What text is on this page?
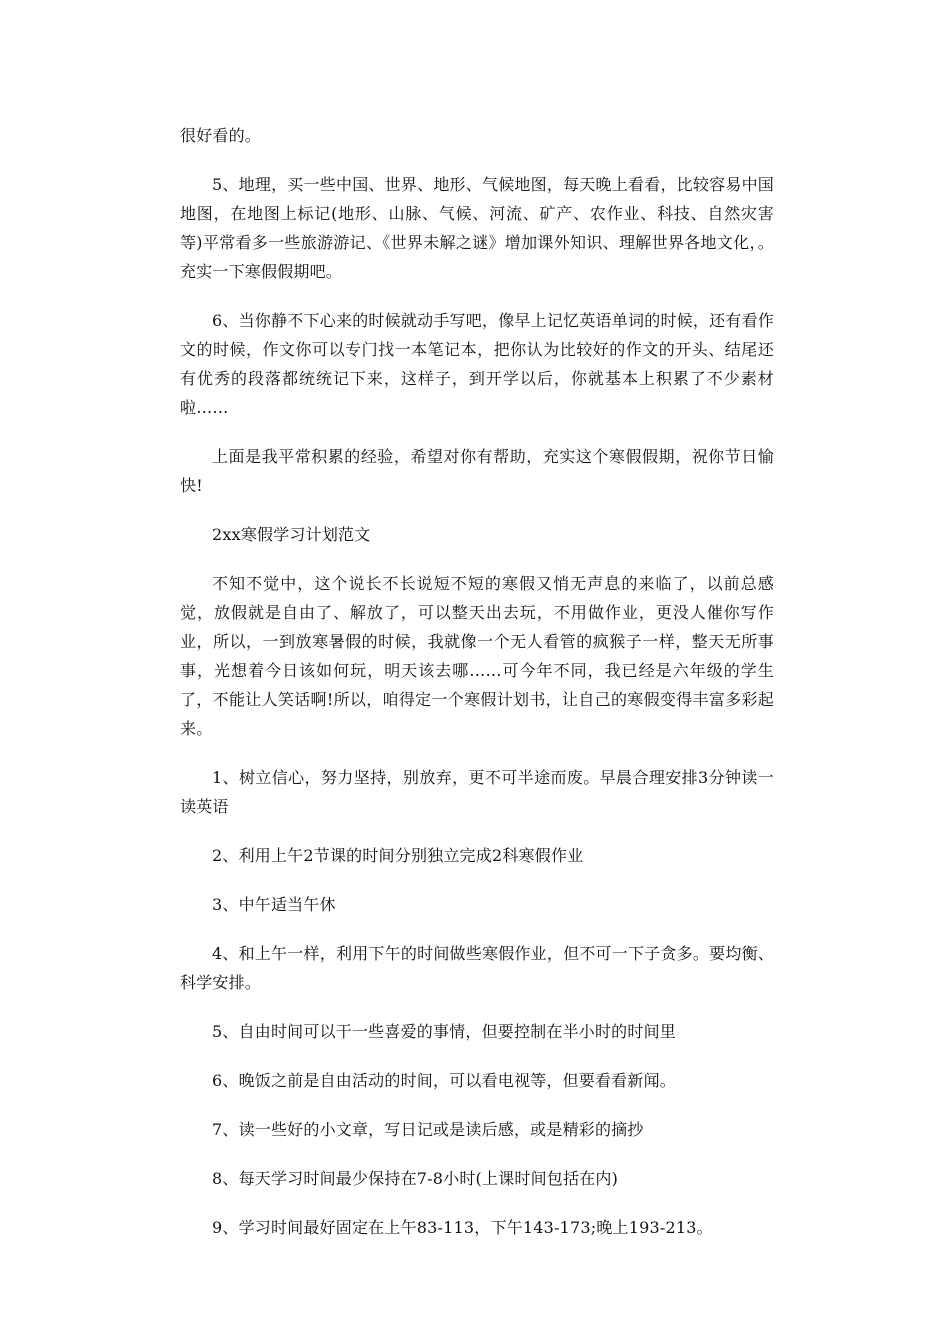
很好看的。

5、地理，买一些中国、世界、地形、气候地图，每天晚上看看，比较容易中国地图，在地图上标记(地形、山脉、气候、河流、矿产、农作业、科技、自然灾害等)平常看多一些旅游游记、《世界未解之谜》增加课外知识、理解世界各地文化，。充实一下寒假假期吧。

6、当你静不下心来的时候就动手写吧，像早上记忆英语单词的时候，还有看作文的时候，作文你可以专门找一本笔记本，把你认为比较好的作文的开头、结尾还有优秀的段落都统统记下来，这样子，到开学以后，你就基本上积累了不少素材啦……

上面是我平常积累的经验，希望对你有帮助，充实这个寒假假期，祝你节日愉快!

2xx寒假学习计划范文

不知不觉中，这个说长不长说短不短的寒假又悄无声息的来临了，以前总感觉，放假就是自由了、解放了，可以整天出去玩，不用做作业，更没人催你写作业，所以，一到放寒暑假的时候，我就像一个无人看管的疯猴子一样，整天无所事事，光想着今日该如何玩，明天该去哪……可今年不同，我已经是六年级的学生了，不能让人笑话啊!所以，咱得定一个寒假计划书，让自己的寒假变得丰富多彩起来。

1、树立信心，努力坚持，别放弃，更不可半途而废。早晨合理安排3分钟读一读英语

2、利用上午2节课的时间分别独立完成2科寒假作业

3、中午适当午休

4、和上午一样，利用下午的时间做些寒假作业，但不可一下子贪多。要均衡、科学安排。

5、自由时间可以干一些喜爱的事情，但要控制在半小时的时间里

6、晚饭之前是自由活动的时间，可以看电视等，但要看看新闻。

7、读一些好的小文章，写日记或是读后感，或是精彩的摘抄

8、每天学习时间最少保持在7-8小时(上课时间包括在内)

9、学习时间最好固定在上午83-113，下午143-173;晚上193-213。
